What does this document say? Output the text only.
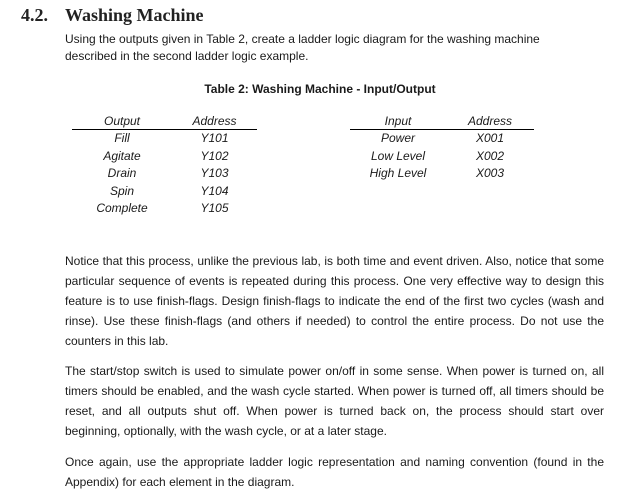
4.2. Washing Machine
Using the outputs given in Table 2, create a ladder logic diagram for the washing machine described in the second ladder logic example.
Table 2: Washing Machine - Input/Output
Output	Address
Fill	Y101
Agitate	Y102
Drain	Y103
Spin	Y104
Complete	Y105
Input	Address
Power	X001
Low Level	X002
High Level	X003

Notice that this process, unlike the previous lab, is both time and event driven. Also, notice that some particular sequence of events is repeated during this process. One very effective way to design this feature is to use finish-flags. Design finish-flags to indicate the end of the first two cycles (wash and rinse). Use these finish-flags (and others if needed) to control the entire process. Do not use the counters in this lab.

The start/stop switch is used to simulate power on/off in some sense. When power is turned on, all timers should be enabled, and the wash cycle started. When power is turned off, all timers should be reset, and all outputs shut off. When power is turned back on, the process should start over beginning, optionally, with the wash cycle, or at a later stage.

Once again, use the appropriate ladder logic representation and naming convention (found in the Appendix) for each element in the diagram.
